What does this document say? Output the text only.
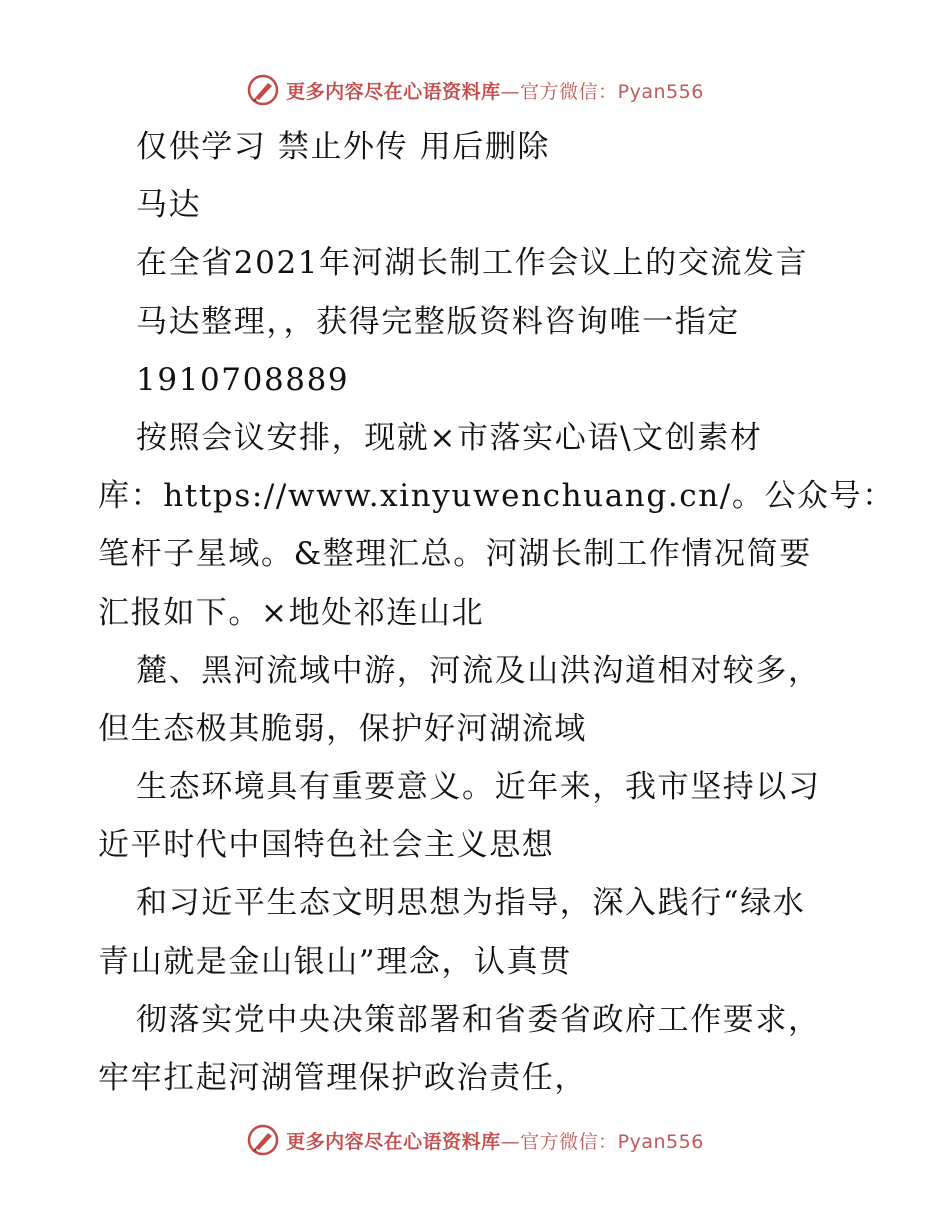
更多内容尽在心语资料库—官方微信：Pyan556
仅供学习 禁止外传 用后删除
马达
在全省2021年河湖长制工作会议上的交流发言
马达整理，，获得完整版资料咨询唯一指定
1910708889
按照会议安排，现就×市落实心语\文创素材
库：https://www.xinyuwenchuang.cn/。公众号：
笔杆子星域。&整理汇总。河湖长制工作情况简要
汇报如下。×地处祁连山北
麓、黑河流域中游，河流及山洪沟道相对较多，
但生态极其脆弱，保护好河湖流域
生态环境具有重要意义。近年来，我市坚持以习
近平时代中国特色社会主义思想
和习近平生态文明思想为指导，深入践行“绿水
青山就是金山银山”理念，认真贯
彻落实党中央决策部署和省委省政府工作要求，
牢牢扛起河湖管理保护政治责任，
更多内容尽在心语资料库—官方微信：Pyan556
